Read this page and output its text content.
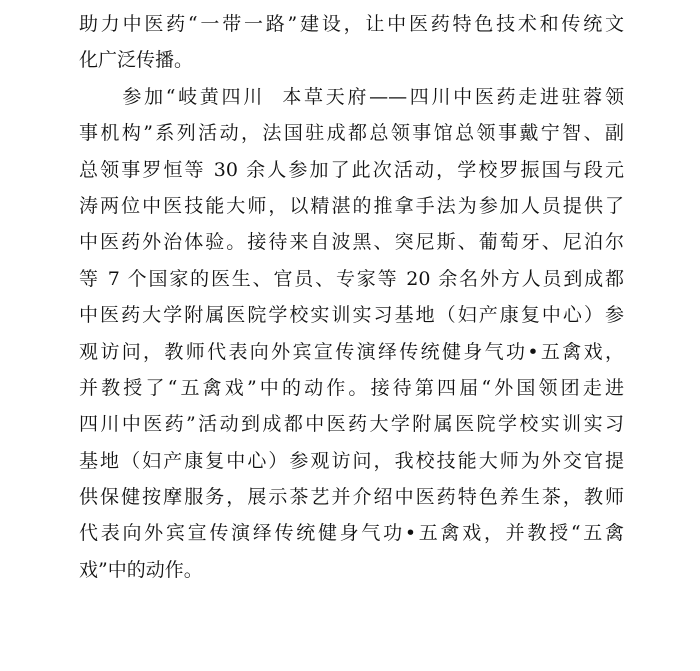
助力中医药“一带一路”建设，让中医药特色技术和传统文
化广泛传播。
　　参加“岐黄四川  本草天府——四川中医药走进驻蓉领
事机构”系列活动，法国驻成都总领事馆总领事戴宁智、副
总领事罗恒等 30 余人参加了此次活动，学校罗振国与段元
涛两位中医技能大师，以精湛的推拿手法为参加人员提供了
中医药外治体验。接待来自波黑、突尼斯、葡萄牙、尼泊尔
等 7 个国家的医生、官员、专家等 20 余名外方人员到成都
中医药大学附属医院学校实训实习基地（妇产康复中心）参
观访问，教师代表向外宾宣传演绎传统健身气功•五禽戏，
并教授了“五禽戏”中的动作。接待第四届“外国领团走进
四川中医药”活动到成都中医药大学附属医院学校实训实习
基地（妇产康复中心）参观访问，我校技能大师为外交官提
供保健按摩服务，展示茶艺并介绍中医药特色养生茶，教师
代表向外宾宣传演绎传统健身气功•五禽戏，并教授“五禽
戏”中的动作。
